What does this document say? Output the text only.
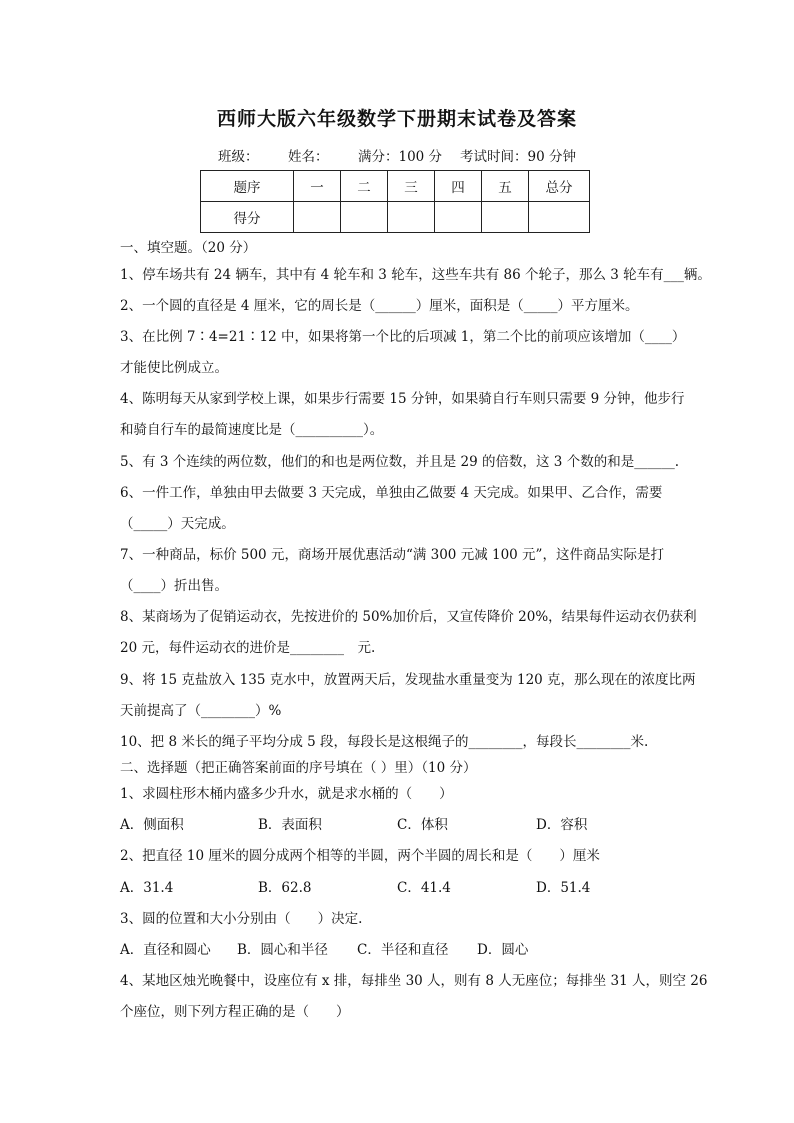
西师大版六年级数学下册期末试卷及答案
班级： 姓名： 满分：100 分 考试时间：90 分钟
题序	一	二	三	四	五	总分
得分						
一、填空题。（20 分）
1、停车场共有 24 辆车，其中有 4 轮车和 3 轮车，这些车共有 86 个轮子，那么 3 轮车有___辆。
2、一个圆的直径是 4 厘米，它的周长是（______）厘米，面积是（_____）平方厘米。
3、在比例 7∶4=21∶12 中，如果将第一个比的后项减 1，第二个比的前项应该增加（____）
才能使比例成立。
4、陈明每天从家到学校上课，如果步行需要 15 分钟，如果骑自行车则只需要 9 分钟，他步行
和骑自行车的最简速度比是（__________）。
5、有 3 个连续的两位数，他们的和也是两位数，并且是 29 的倍数，这 3 个数的和是______.
6、一件工作，单独由甲去做要 3 天完成，单独由乙做要 4 天完成。如果甲、乙合作，需要
（_____）天完成。
7、一种商品，标价 500 元，商场开展优惠活动“满 300 元减 100 元”，这件商品实际是打
（____）折出售。
8、某商场为了促销运动衣，先按进价的 50%加价后，又宣传降价 20%，结果每件运动衣仍获利
20 元，每件运动衣的进价是________　元.
9、将 15 克盐放入 135 克水中，放置两天后，发现盐水重量变为 120 克，那么现在的浓度比两
天前提高了（________）%
10、把 8 米长的绳子平均分成 5 段，每段长是这根绳子的________，每段长________米.
二、选择题（把正确答案前面的序号填在（ ）里）（10 分）
1、求圆柱形木桶内盛多少升水，就是求水桶的（　　）
A．侧面积	B．表面积	C．体积	D．容积
2、把直径 10 厘米的圆分成两个相等的半圆，两个半圆的周长和是（　　）厘米
A．31.4	B．62.8	C．41.4	D．51.4
3、圆的位置和大小分别由（　　）决定.
A．直径和圆心 B．圆心和半径 C．半径和直径 D．圆心
4、某地区烛光晚餐中，设座位有 x 排，每排坐 30 人，则有 8 人无座位；每排坐 31 人，则空 26
个座位，则下列方程正确的是（　　）
